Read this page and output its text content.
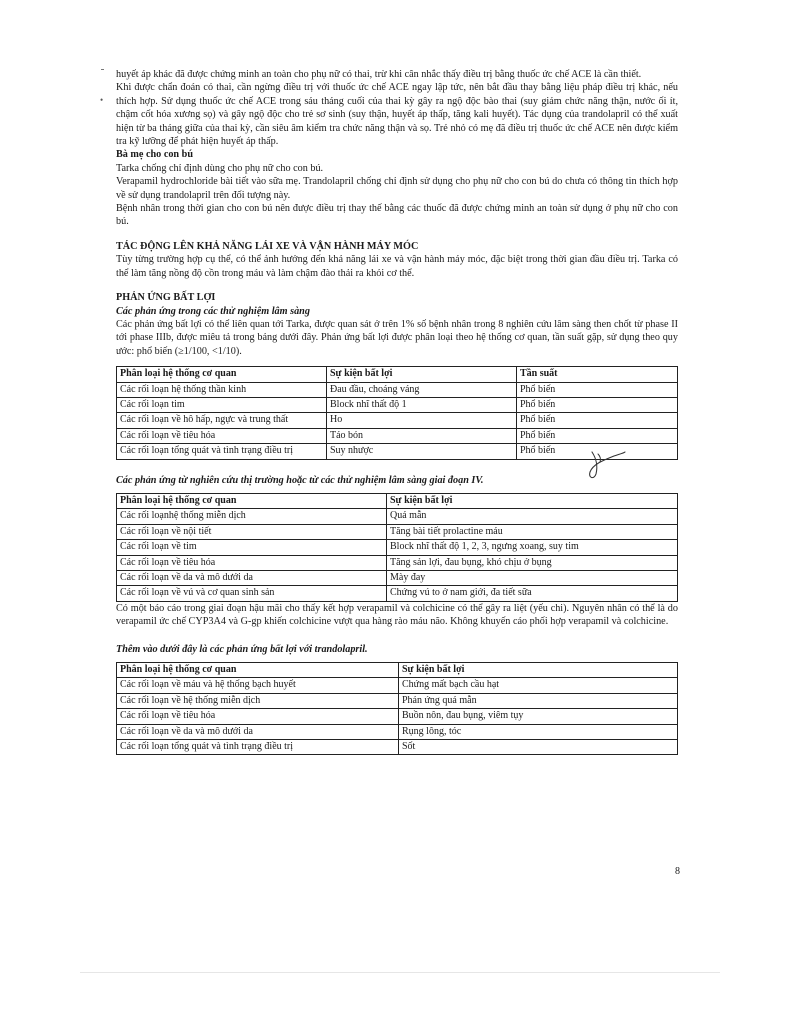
•

huyết áp khác đã được chứng minh an toàn cho phụ nữ có thai, trừ khi cân nhắc thấy điều trị bằng thuốc ức chế ACE là cần thiết.

Khi được chẩn đoán có thai, cần ngừng điều trị với thuốc ức chế ACE ngay lập tức, nên bắt đầu thay bằng liệu pháp điều trị khác, nếu thích hợp. Sử dụng thuốc ức chế ACE trong sáu tháng cuối của thai kỳ gây ra ngộ độc bào thai (suy giảm chức năng thận, nước ối ít, chậm cốt hóa xương sọ) và gây ngộ độc cho trẻ sơ sinh (suy thận, huyết áp thấp, tăng kali huyết). Tác dụng của trandolapril có thể xuất hiện từ ba tháng giữa của thai kỳ, cần siêu âm kiểm tra chức năng thận và sọ. Trẻ nhỏ có mẹ đã điều trị thuốc ức chế ACE nên được kiểm tra kỹ lưỡng để phát hiện huyết áp thấp.

Bà mẹ cho con bú

Tarka chống chỉ định dùng cho phụ nữ cho con bú.

Verapamil hydrochloride bài tiết vào sữa mẹ. Trandolapril chống chỉ định sử dụng cho phụ nữ cho con bú do chưa có thông tin thích hợp về sử dụng trandolapril trên đối tượng này.

Bệnh nhân trong thời gian cho con bú nên được điều trị thay thế bằng các thuốc đã được chứng minh an toàn sử dụng ở phụ nữ cho con bú.

TÁC ĐỘNG LÊN KHẢ NĂNG LÁI XE VÀ VẬN HÀNH MÁY MÓC

Tùy từng trường hợp cụ thể, có thể ảnh hưởng đến khả năng lái xe và vận hành máy móc, đặc biệt trong thời gian đầu điều trị. Tarka có thể làm tăng nồng độ cồn trong máu và làm chậm đào thải ra khỏi cơ thể.

PHẢN ỨNG BẤT LỢI

Các phản ứng trong các thử nghiệm lâm sàng

Các phản ứng bất lợi có thể liên quan tới Tarka, được quan sát ở trên 1% số bệnh nhân trong 8 nghiên cứu lâm sàng then chốt từ phase II tới phase IIIb, được miêu tả trong bảng dưới đây. Phản ứng bất lợi được phân loại theo hệ thống cơ quan, tần suất gặp, sử dụng theo quy ước: phổ biến (≥1/100, <1/10).

Phân loại hệ thống cơ quan	Sự kiện bất lợi	Tần suất
Các rối loạn hệ thống thần kinh	Đau đầu, choáng váng	Phổ biến
Các rối loạn tim	Block nhĩ thất độ 1	Phổ biến
Các rối loạn về hô hấp, ngực và trung thất	Ho	Phổ biến
Các rối loạn về tiêu hóa	Táo bón	Phổ biến
Các rối loạn tổng quát và tình trạng điều trị	Suy nhược	Phổ biến

Các phản ứng từ nghiên cứu thị trường hoặc từ các thử nghiệm lâm sàng giai đoạn IV.

Phân loại hệ thống cơ quan	Sự kiện bất lợi
Các rối loạnhệ thống miễn dịch	Quá mẫn
Các rối loạn về nội tiết	Tăng bài tiết prolactine máu
Các rối loạn về tim	Block nhĩ thất độ 1, 2, 3, ngưng xoang, suy tim
Các rối loạn về tiêu hóa	Tăng sản lợi, đau bụng, khó chịu ở bụng
Các rối loạn về da và mô dưới da	Mày đay
Các rối loạn về vú và cơ quan sinh sản	Chứng vú to ở nam giới, đa tiết sữa

Có một báo cáo trong giai đoạn hậu mãi cho thấy kết hợp verapamil và colchicine có thể gây ra liệt (yếu chi). Nguyên nhân có thể là do verapamil ức chế CYP3A4 và G-gp khiến colchicine vượt qua hàng rào máu não. Không khuyến cáo phối hợp verapamil và colchicine.

Thêm vào dưới đây là các phản ứng bất lợi với trandolapril.

Phân loại hệ thống cơ quan	Sự kiện bất lợi
Các rối loạn về máu và hệ thống bạch huyết	Chứng mất bạch cầu hạt
Các rối loạn về hệ thống miễn dịch	Phản ứng quá mẫn
Các rối loạn về tiêu hóa	Buồn nôn, đau bụng, viêm tụy
Các rối loạn về da và mô dưới da	Rụng lông, tóc
Các rối loạn tổng quát và tình trạng điều trị	Sốt
8
